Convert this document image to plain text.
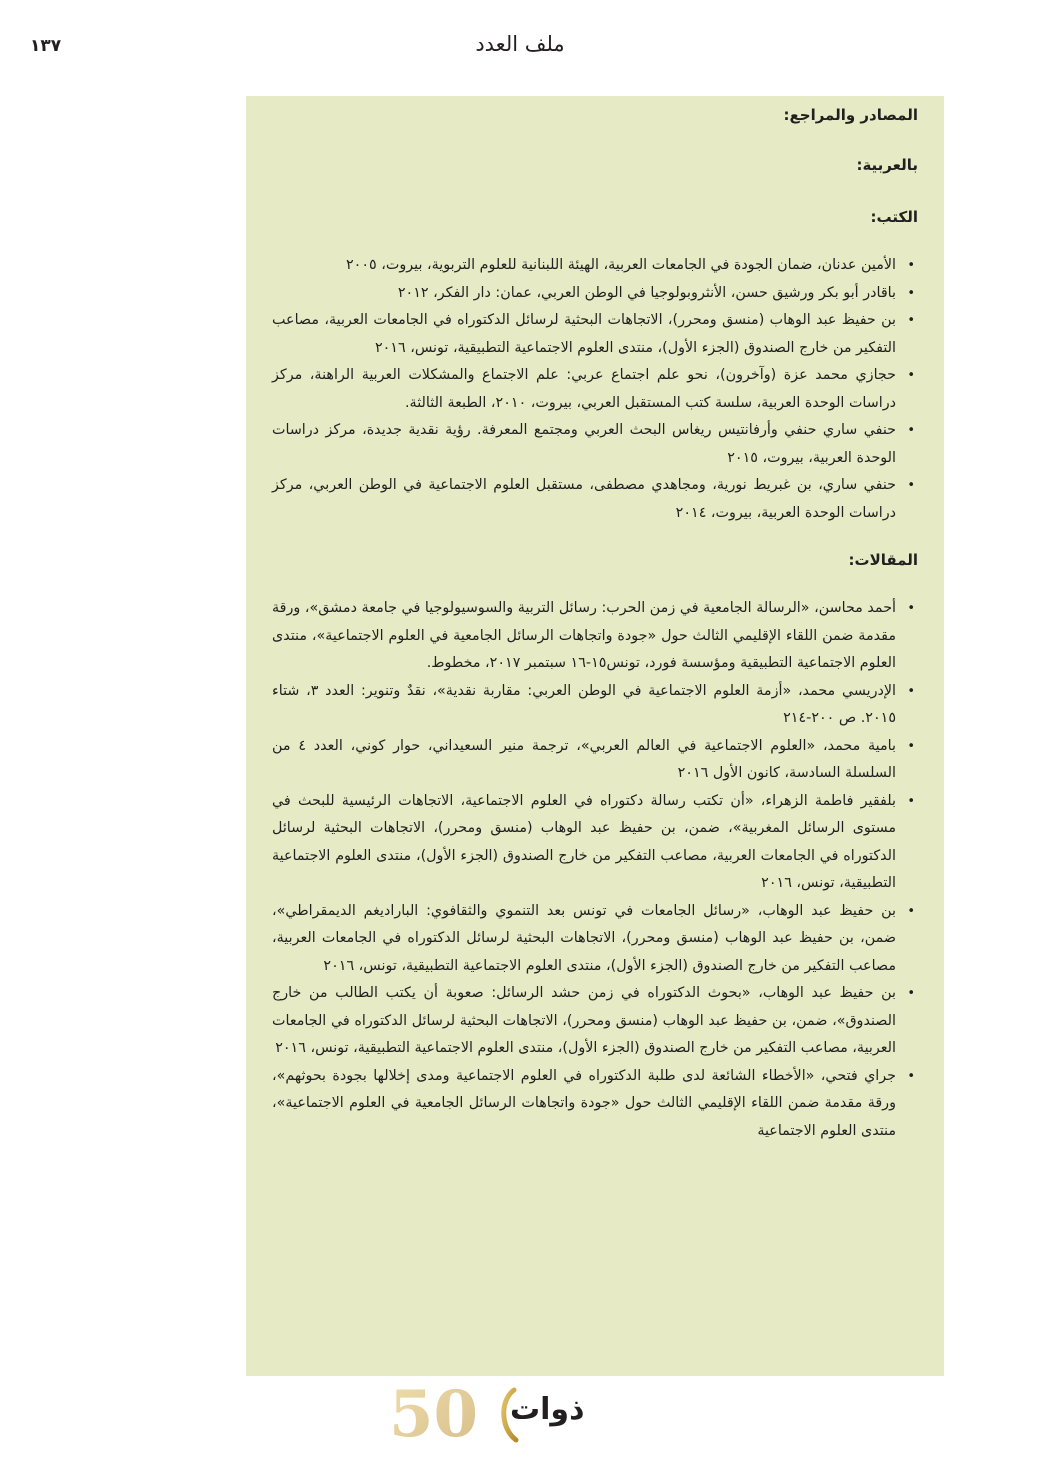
١٣٧	ملف العدد

المصادر والمراجع:

بالعربية:

الكتب:

• الأمين عدنان، ضمان الجودة في الجامعات العربية، الهيئة اللبنانية للعلوم التربوية، بيروت، ٢٠٠٥
• باقادر أبو بكر ورشيق حسن، الأنثروبولوجيا في الوطن العربي، عمان: دار الفكر، ٢٠١٢
• بن حفيظ عبد الوهاب (منسق ومحرر)، الاتجاهات البحثية لرسائل الدكتوراه في الجامعات العربية، مصاعب التفكير من خارج الصندوق (الجزء الأول)، منتدى العلوم الاجتماعية التطبيقية، تونس، ٢٠١٦
• حجازي محمد عزة (وآخرون)، نحو علم اجتماع عربي: علم الاجتماع والمشكلات العربية الراهنة، مركز دراسات الوحدة العربية، سلسة كتب المستقبل العربي، بيروت، ٢٠١٠، الطبعة الثالثة.
• حنفي ساري حنفي وأرفانتيس ريغاس البحث العربي ومجتمع المعرفة. رؤية نقدية جديدة، مركز دراسات الوحدة العربية، بيروت، ٢٠١٥
• حنفي ساري، بن غبريط نورية، ومجاهدي مصطفى، مستقبل العلوم الاجتماعية في الوطن العربي، مركز دراسات الوحدة العربية، بيروت، ٢٠١٤

المقالات:

• أحمد محاسن، «الرسالة الجامعية في زمن الحرب: رسائل التربية والسوسيولوجيا في جامعة دمشق»، ورقة مقدمة ضمن اللقاء الإقليمي الثالث حول «جودة واتجاهات الرسائل الجامعية في العلوم الاجتماعية»، منتدى العلوم الاجتماعية التطبيقية ومؤسسة فورد، تونس١٥-١٦ سبتمبر ٢٠١٧، مخطوط.
• الإدريسي محمد، «أزمة العلوم الاجتماعية في الوطن العربي: مقاربة نقدية»، نقدٌ وتنوير: العدد ٣، شتاء ٢٠١٥. ص ٢٠٠-٢١٤
• بامية محمد، «العلوم الاجتماعية في العالم العربي»، ترجمة منير السعيداني، حوار كوني، العدد ٤ من السلسلة السادسة، كانون الأول ٢٠١٦
• بلفقير فاطمة الزهراء، «أن تكتب رسالة دكتوراه في العلوم الاجتماعية، الاتجاهات الرئيسية للبحث في مستوى الرسائل المغربية»، ضمن، بن حفيظ عبد الوهاب (منسق ومحرر)، الاتجاهات البحثية لرسائل الدكتوراه في الجامعات العربية، مصاعب التفكير من خارج الصندوق (الجزء الأول)، منتدى العلوم الاجتماعية التطبيقية، تونس، ٢٠١٦
• بن حفيظ عبد الوهاب، «رسائل الجامعات في تونس بعد التنموي والثقافوي: البارادیغم الديمقراطي»، ضمن، بن حفيظ عبد الوهاب (منسق ومحرر)، الاتجاهات البحثية لرسائل الدكتوراه في الجامعات العربية، مصاعب التفكير من خارج الصندوق (الجزء الأول)، منتدى العلوم الاجتماعية التطبيقية، تونس، ٢٠١٦
• بن حفيظ عبد الوهاب، «بحوث الدكتوراه في زمن حشد الرسائل: صعوبة أن يكتب الطالب من خارج الصندوق»، ضمن، بن حفيظ عبد الوهاب (منسق ومحرر)، الاتجاهات البحثية لرسائل الدكتوراه في الجامعات العربية، مصاعب التفكير من خارج الصندوق (الجزء الأول)، منتدى العلوم الاجتماعية التطبيقية، تونس، ٢٠١٦
• جراي فتحي، «الأخطاء الشائعة لدى طلبة الدكتوراه في العلوم الاجتماعية ومدى إخلالها بجودة بحوثهم»، ورقة مقدمة ضمن اللقاء الإقليمي الثالث حول «جودة واتجاهات الرسائل الجامعية في العلوم الاجتماعية»، منتدى العلوم الاجتماعية
50 ذوات
